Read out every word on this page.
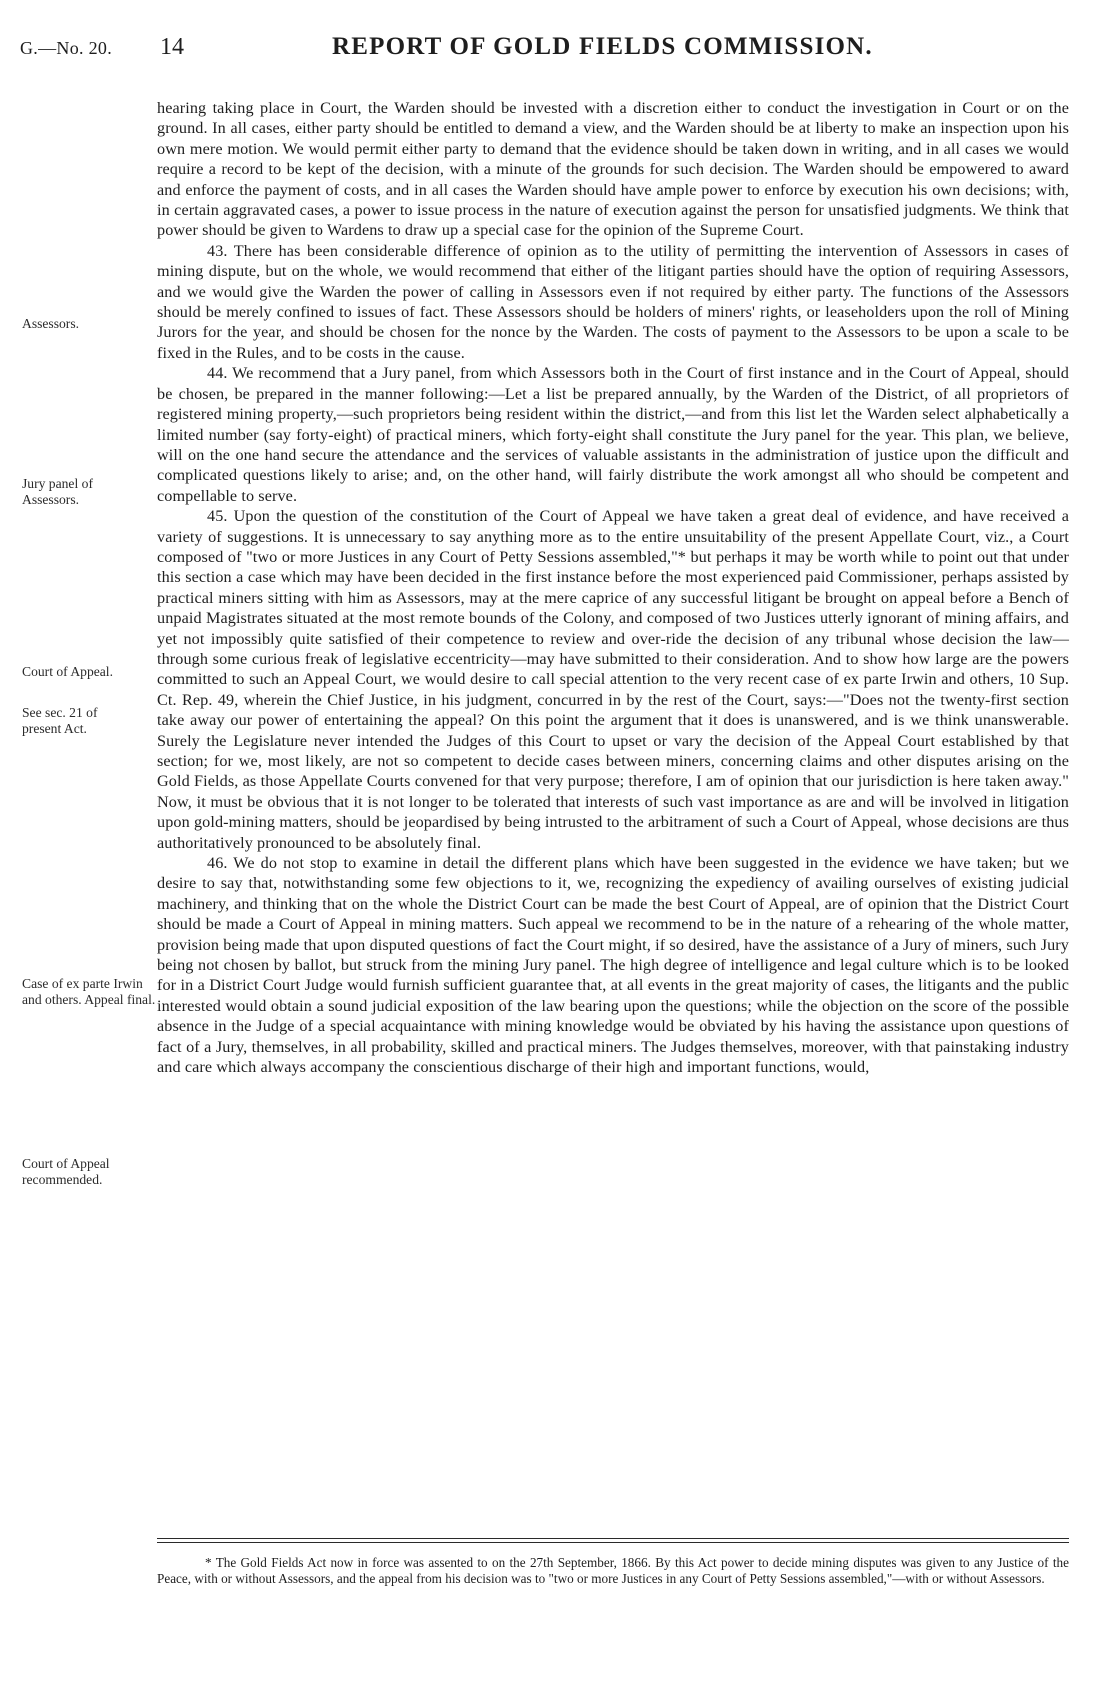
G.—No. 20. 14	REPORT OF GOLD FIELDS COMMISSION.
Assessors.
Jury panel of Assessors.
Court of Appeal.
See sec. 21 of present Act.
Case of ex parte Irwin and others. Appeal final.
Court of Appeal recommended.

hearing taking place in Court, the Warden should be invested with a discretion either to conduct the investigation in Court or on the ground. In all cases, either party should be entitled to demand a view, and the Warden should be at liberty to make an inspection upon his own mere motion. We would permit either party to demand that the evidence should be taken down in writing, and in all cases we would require a record to be kept of the decision, with a minute of the grounds for such decision. The Warden should be empowered to award and enforce the payment of costs, and in all cases the Warden should have ample power to enforce by execution his own decisions; with, in certain aggravated cases, a power to issue process in the nature of execution against the person for unsatisfied judgments. We think that power should be given to Wardens to draw up a special case for the opinion of the Supreme Court.

43. There has been considerable difference of opinion as to the utility of permitting the intervention of Assessors in cases of mining dispute, but on the whole, we would recommend that either of the litigant parties should have the option of requiring Assessors, and we would give the Warden the power of calling in Assessors even if not required by either party. The functions of the Assessors should be merely confined to issues of fact. These Assessors should be holders of miners' rights, or leaseholders upon the roll of Mining Jurors for the year, and should be chosen for the nonce by the Warden. The costs of payment to the Assessors to be upon a scale to be fixed in the Rules, and to be costs in the cause.

44. We recommend that a Jury panel, from which Assessors both in the Court of first instance and in the Court of Appeal, should be chosen, be prepared in the manner following:—Let a list be prepared annually, by the Warden of the District, of all proprietors of registered mining property,—such proprietors being resident within the district,—and from this list let the Warden select alphabetically a limited number (say forty-eight) of practical miners, which forty-eight shall constitute the Jury panel for the year. This plan, we believe, will on the one hand secure the attendance and the services of valuable assistants in the administration of justice upon the difficult and complicated questions likely to arise; and, on the other hand, will fairly distribute the work amongst all who should be competent and compellable to serve.

45. Upon the question of the constitution of the Court of Appeal we have taken a great deal of evidence, and have received a variety of suggestions. It is unnecessary to say anything more as to the entire unsuitability of the present Appellate Court, viz., a Court composed of "two or more Justices in any Court of Petty Sessions assembled,"* but perhaps it may be worth while to point out that under this section a case which may have been decided in the first instance before the most experienced paid Commissioner, perhaps assisted by practical miners sitting with him as Assessors, may at the mere caprice of any successful litigant be brought on appeal before a Bench of unpaid Magistrates situated at the most remote bounds of the Colony, and composed of two Justices utterly ignorant of mining affairs, and yet not impossibly quite satisfied of their competence to review and over-ride the decision of any tribunal whose decision the law—through some curious freak of legislative eccentricity—may have submitted to their consideration. And to show how large are the powers committed to such an Appeal Court, we would desire to call special attention to the very recent case of ex parte Irwin and others, 10 Sup. Ct. Rep. 49, wherein the Chief Justice, in his judgment, concurred in by the rest of the Court, says:—"Does not the twenty-first section take away our power of entertaining the appeal? On this point the argument that it does is unanswered, and is we think unanswerable. Surely the Legislature never intended the Judges of this Court to upset or vary the decision of the Appeal Court established by that section; for we, most likely, are not so competent to decide cases between miners, concerning claims and other disputes arising on the Gold Fields, as those Appellate Courts convened for that very purpose; therefore, I am of opinion that our jurisdiction is here taken away." Now, it must be obvious that it is not longer to be tolerated that interests of such vast importance as are and will be involved in litigation upon gold-mining matters, should be jeopardised by being intrusted to the arbitrament of such a Court of Appeal, whose decisions are thus authoritatively pronounced to be absolutely final.

46. We do not stop to examine in detail the different plans which have been suggested in the evidence we have taken; but we desire to say that, notwithstanding some few objections to it, we, recognizing the expediency of availing ourselves of existing judicial machinery, and thinking that on the whole the District Court can be made the best Court of Appeal, are of opinion that the District Court should be made a Court of Appeal in mining matters. Such appeal we recommend to be in the nature of a rehearing of the whole matter, provision being made that upon disputed questions of fact the Court might, if so desired, have the assistance of a Jury of miners, such Jury being not chosen by ballot, but struck from the mining Jury panel. The high degree of intelligence and legal culture which is to be looked for in a District Court Judge would furnish sufficient guarantee that, at all events in the great majority of cases, the litigants and the public interested would obtain a sound judicial exposition of the law bearing upon the questions; while the objection on the score of the possible absence in the Judge of a special acquaintance with mining knowledge would be obviated by his having the assistance upon questions of fact of a Jury, themselves, in all probability, skilled and practical miners. The Judges themselves, moreover, with that painstaking industry and care which always accompany the conscientious discharge of their high and important functions, would,

* The Gold Fields Act now in force was assented to on the 27th September, 1866. By this Act power to decide mining disputes was given to any Justice of the Peace, with or without Assessors, and the appeal from his decision was to "two or more Justices in any Court of Petty Sessions assembled,"—with or without Assessors.
